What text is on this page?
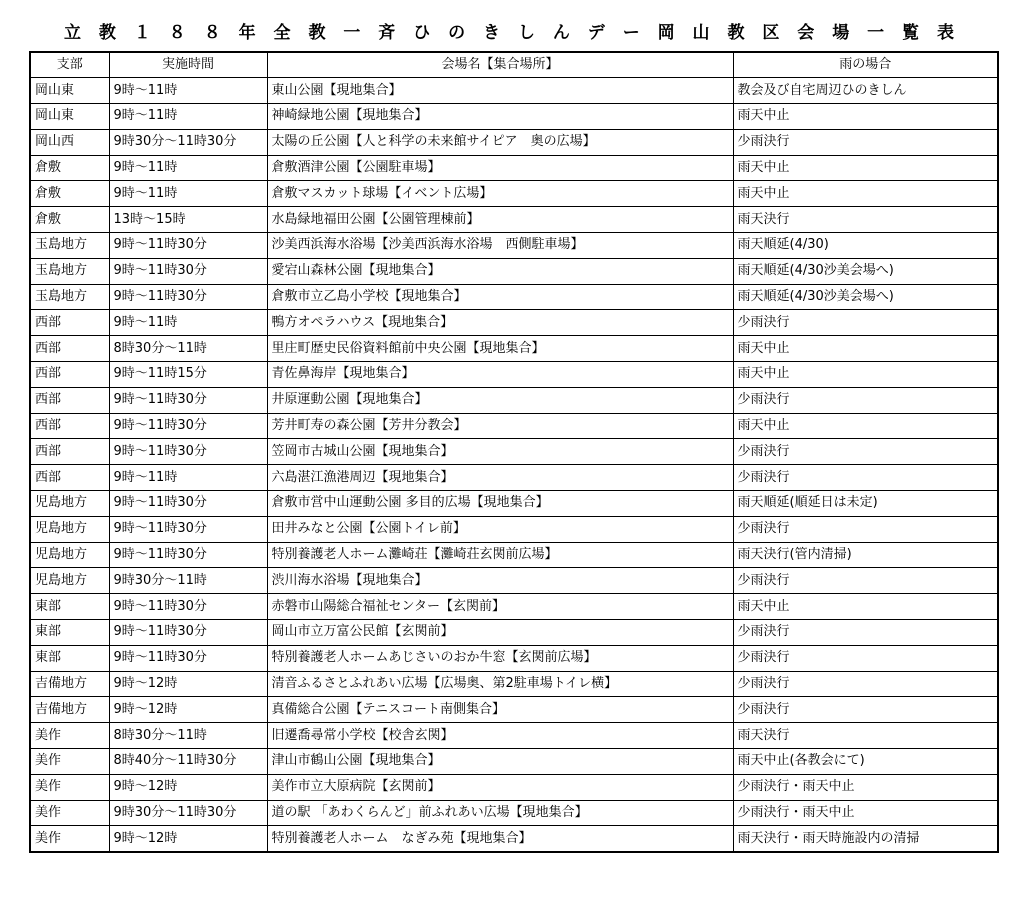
立 教 １ ８ ８ 年 全 教 一 斉 ひ の き し ん デ ー 岡 山 教 区 会 場 一 覧 表
支部	実施時間	会場名【集合場所】	雨の場合
岡山東	9時～11時	東山公園【現地集合】	教会及び自宅周辺ひのきしん
岡山東	9時～11時	神崎緑地公園【現地集合】	雨天中止
岡山西	9時30分～11時30分	太陽の丘公園【人と科学の未来館サイピア　奥の広場】	少雨決行
倉敷	9時～11時	倉敷酒津公園【公園駐車場】	雨天中止
倉敷	9時～11時	倉敷マスカット球場【イベント広場】	雨天中止
倉敷	13時～15時	水島緑地福田公園【公園管理棟前】	雨天決行
玉島地方	9時～11時30分	沙美西浜海水浴場【沙美西浜海水浴場　西側駐車場】	雨天順延(4/30)
玉島地方	9時～11時30分	愛宕山森林公園【現地集合】	雨天順延(4/30沙美会場へ)
玉島地方	9時～11時30分	倉敷市立乙島小学校【現地集合】	雨天順延(4/30沙美会場へ)
西部	9時～11時	鴨方オペラハウス【現地集合】	少雨決行
西部	8時30分～11時	里庄町歴史民俗資料館前中央公園【現地集合】	雨天中止
西部	9時～11時15分	青佐鼻海岸【現地集合】	雨天中止
西部	9時～11時30分	井原運動公園【現地集合】	少雨決行
西部	9時～11時30分	芳井町寿の森公園【芳井分教会】	雨天中止
西部	9時～11時30分	笠岡市古城山公園【現地集合】	少雨決行
西部	9時～11時	六島湛江漁港周辺【現地集合】	少雨決行
児島地方	9時～11時30分	倉敷市営中山運動公園 多目的広場【現地集合】	雨天順延(順延日は未定)
児島地方	9時～11時30分	田井みなと公園【公園トイレ前】	少雨決行
児島地方	9時～11時30分	特別養護老人ホーム灘崎荘【灘崎荘玄関前広場】	雨天決行(管内清掃)
児島地方	9時30分～11時	渋川海水浴場【現地集合】	少雨決行
東部	9時～11時30分	赤磐市山陽総合福祉センター【玄関前】	雨天中止
東部	9時～11時30分	岡山市立万富公民館【玄関前】	少雨決行
東部	9時～11時30分	特別養護老人ホームあじさいのおか牛窓【玄関前広場】	少雨決行
吉備地方	9時～12時	清音ふるさとふれあい広場【広場奥、第2駐車場トイレ横】	少雨決行
吉備地方	9時～12時	真備総合公園【テニスコート南側集合】	少雨決行
美作	8時30分～11時	旧遷喬尋常小学校【校舎玄関】	雨天決行
美作	8時40分～11時30分	津山市鶴山公園【現地集合】	雨天中止(各教会にて)
美作	9時～12時	美作市立大原病院【玄関前】	少雨決行・雨天中止
美作	9時30分～11時30分	道の駅 「あわくらんど」前ふれあい広場【現地集合】	少雨決行・雨天中止
美作	9時～12時	特別養護老人ホーム　なぎみ苑【現地集合】	雨天決行・雨天時施設内の清掃
